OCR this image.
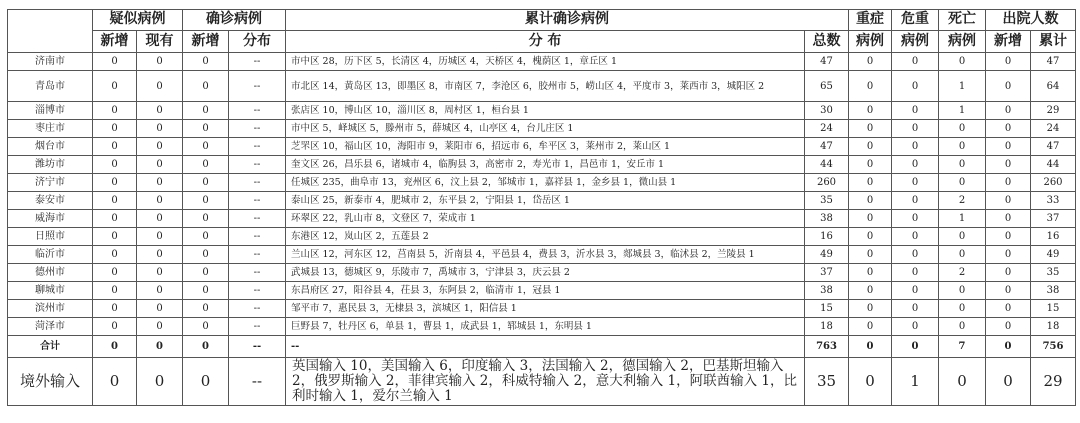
	疑似病例		确诊病例		累计确诊病例		重症	危重	死亡	出院人数	
	新增	现有	新增	分布	分 布	总数	病例	病例	病例	新增	累计
济南市	0	0	0	--	市中区 28，历下区 5，长清区 4，历城区 4，天桥区 4，槐荫区 1，章丘区 1	47	0	0	0	0	47
青岛市	0	0	0	--	市北区 14，黄岛区 13，即墨区 8，市南区 7，李沧区 6，胶州市 5，崂山区 4，平度市 3，莱西市 3，城阳区 2	65	0	0	1	0	64
淄博市	0	0	0	--	张店区 10，博山区 10，淄川区 8，周村区 1，桓台县 1	30	0	0	1	0	29
枣庄市	0	0	0	--	市中区 5，峄城区 5，滕州市 5，薛城区 4，山亭区 4，台儿庄区 1	24	0	0	0	0	24
烟台市	0	0	0	--	芝罘区 10，福山区 10，海阳市 9，莱阳市 6，招远市 6，牟平区 3，莱州市 2，莱山区 1	47	0	0	0	0	47
潍坊市	0	0	0	--	奎文区 26，昌乐县 6，诸城市 4，临朐县 3，高密市 2，寿光市 1，昌邑市 1，安丘市 1	44	0	0	0	0	44
济宁市	0	0	0	--	任城区 235，曲阜市 13，兖州区 6，汶上县 2，邹城市 1，嘉祥县 1，金乡县 1，微山县 1	260	0	0	0	0	260
泰安市	0	0	0	--	泰山区 25，新泰市 4，肥城市 2，东平县 2，宁阳县 1，岱岳区 1	35	0	0	2	0	33
威海市	0	0	0	--	环翠区 22，乳山市 8，文登区 7，荣成市 1	38	0	0	1	0	37
日照市	0	0	0	--	东港区 12，岚山区 2，五莲县 2	16	0	0	0	0	16
临沂市	0	0	0	--	兰山区 12，河东区 12，莒南县 5，沂南县 4，平邑县 4，费县 3，沂水县 3，郯城县 3，临沭县 2，兰陵县 1	49	0	0	0	0	49
德州市	0	0	0	--	武城县 13，德城区 9，乐陵市 7，禹城市 3，宁津县 3，庆云县 2	37	0	0	2	0	35
聊城市	0	0	0	--	东昌府区 27，阳谷县 4，茌县 3，东阿县 2，临清市 1，冠县 1	38	0	0	0	0	38
滨州市	0	0	0	--	邹平市 7，惠民县 3，无棣县 3，滨城区 1，阳信县 1	15	0	0	0	0	15
菏泽市	0	0	0	--	巨野县 7，牡丹区 6，单县 1，曹县 1，成武县 1，郓城县 1，东明县 1	18	0	0	0	0	18
合计	0	0	0	--	--	763	0	0	7	0	756
境外输入	0	0	0	--	英国输入 10，美国输入 6，印度输入 3，法国输入 2，德国输入 2，巴基斯坦输入 2，俄罗斯输入 2，菲律宾输入 2，科威特输入 2，意大利输入 1，阿联酋输入 1，比利时输入 1，爱尔兰输入 1	35	0	1	0	0	29
